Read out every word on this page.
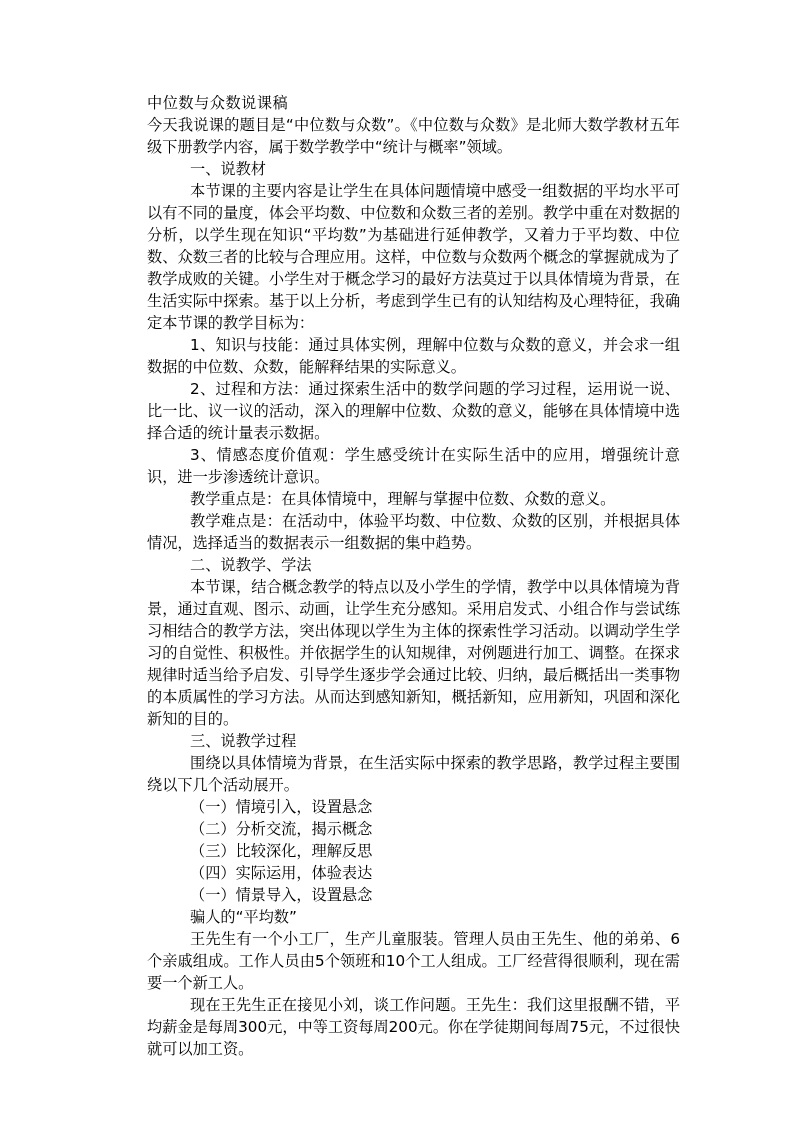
中位数与众数说课稿

今天我说课的题目是“中位数与众数”。《中位数与众数》是北师大数学教材五年级下册教学内容，属于数学教学中“统计与概率”领域。

一、说教材

本节课的主要内容是让学生在具体问题情境中感受一组数据的平均水平可以有不同的量度，体会平均数、中位数和众数三者的差别。教学中重在对数据的分析，以学生现在知识“平均数”为基础进行延伸教学，又着力于平均数、中位数、众数三者的比较与合理应用。这样，中位数与众数两个概念的掌握就成为了教学成败的关键。小学生对于概念学习的最好方法莫过于以具体情境为背景，在生活实际中探索。基于以上分析，考虑到学生已有的认知结构及心理特征，我确定本节课的教学目标为：

1、知识与技能：通过具体实例，理解中位数与众数的意义，并会求一组数据的中位数、众数，能解释结果的实际意义。

2、过程和方法：通过探索生活中的数学问题的学习过程，运用说一说、比一比、议一议的活动，深入的理解中位数、众数的意义，能够在具体情境中选择合适的统计量表示数据。

3、情感态度价值观：学生感受统计在实际生活中的应用，增强统计意识，进一步渗透统计意识。

教学重点是：在具体情境中，理解与掌握中位数、众数的意义。

教学难点是：在活动中，体验平均数、中位数、众数的区别，并根据具体情况，选择适当的数据表示一组数据的集中趋势。

二、说教学、学法

本节课，结合概念教学的特点以及小学生的学情，教学中以具体情境为背景，通过直观、图示、动画，让学生充分感知。采用启发式、小组合作与尝试练习相结合的教学方法，突出体现以学生为主体的探索性学习活动。以调动学生学习的自觉性、积极性。并依据学生的认知规律，对例题进行加工、调整。在探求规律时适当给予启发、引导学生逐步学会通过比较、归纳，最后概括出一类事物的本质属性的学习方法。从而达到感知新知，概括新知，应用新知，巩固和深化新知的目的。

三、说教学过程

围绕以具体情境为背景，在生活实际中探索的教学思路，教学过程主要围绕以下几个活动展开。

（一）情境引入，设置悬念

（二）分析交流，揭示概念

（三）比较深化，理解反思

（四）实际运用，体验表达

（一）情景导入，设置悬念

骗人的“平均数”

王先生有一个小工厂，生产儿童服装。管理人员由王先生、他的弟弟、6个亲戚组成。工作人员由5个领班和10个工人组成。工厂经营得很顺利，现在需要一个新工人。

现在王先生正在接见小刘，谈工作问题。王先生：我们这里报酬不错，平均薪金是每周300元，中等工资每周200元。你在学徒期间每周75元，不过很快就可以加工资。
